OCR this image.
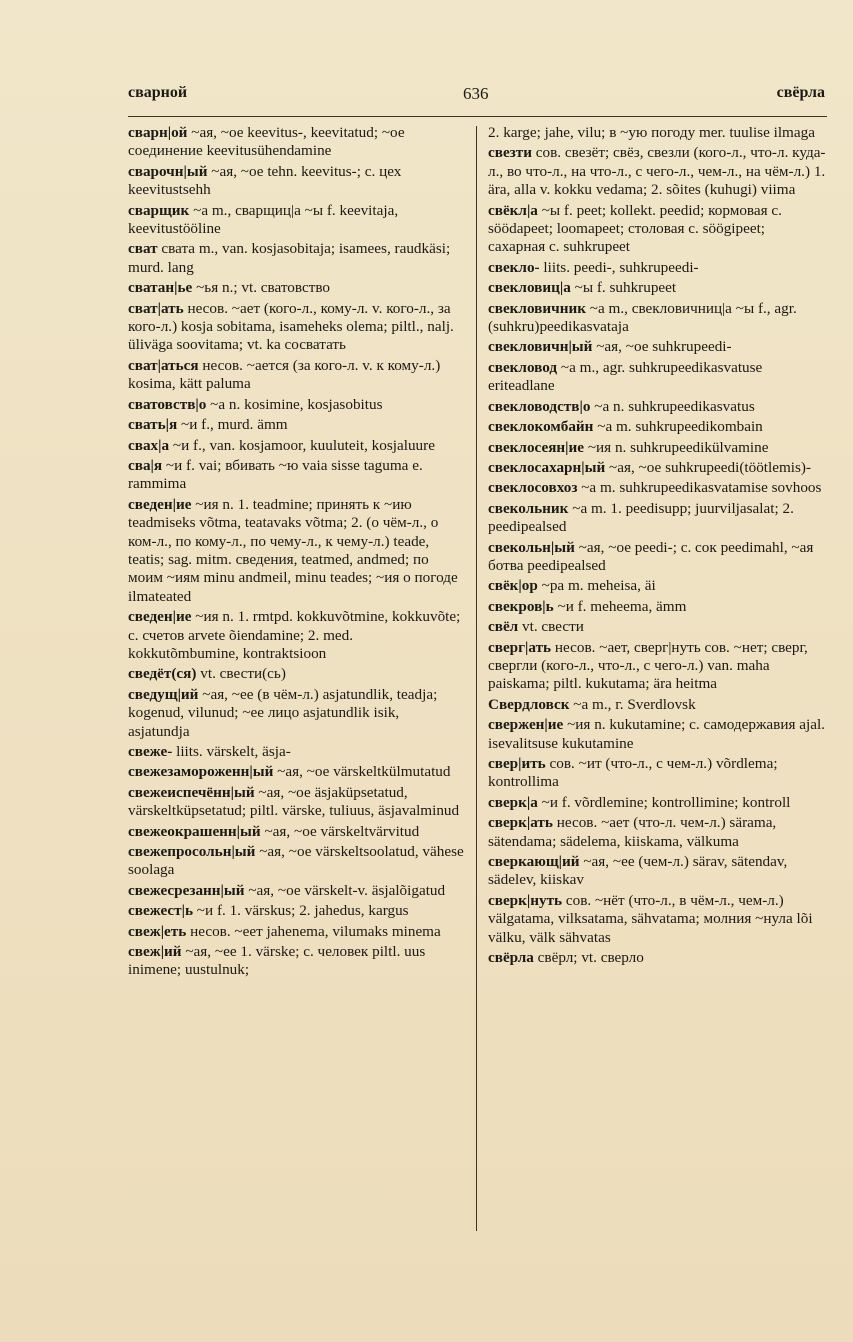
сварной	636	свёрла

сварн|ой ~ая, ~ое keevitus-, keevitatud; ~ое соединение keevitusühendamine

сварочн|ый ~ая, ~ое tehn. keevitus-; с. цех keevitustsehh

сварщик ~а m., сварщиц|а ~ы f. keevitaja, keevitustööline

сват свата m., van. kosjasobitaja; isamees, raudkäsi; murd. lang

сватан|ье ~ья n.; vt. сватовство

сват|ать несов. ~ает (кого-л., кому-л. v. кого-л., за кого-л.) kosja sobitama, isameheks olema; piltl., nalj. üliväga soovitama; vt. ka сосватать

сват|аться несов. ~ается (за кого-л. v. к кому-л.) kosima, kätt paluma

сватовств|о ~а n. kosimine, kosjasobitus

свать|я ~и f., murd. ämm

свах|а ~и f., van. kosjamoor, kuuluteit, kosjaluure

сва|я ~и f. vai; вбивать ~ю vaia sisse taguma e. rammima

сведен|ие ~ия n. 1. teadmine; принять к ~ию teadmiseks võtma, teatavaks võtma; 2. (о чём-л., о ком-л., по кому-л., по чему-л., к чему-л.) teade, teatis; sag. mitm. сведения, teatmed, andmed; по моим ~иям minu andmeil, minu teades; ~ия о погоде ilmateated

сведен|ие ~ия n. 1. rmtpd. kokkuvõtmine, kokkuvõte; с. счетов arvete õiendamine; 2. med. kokkutõmbumine, kontraktsioon

сведёт(ся) vt. свести(сь)

сведущ|ий ~ая, ~ее (в чём-л.) asjatundlik, teadja; kogenud, vilunud; ~ее лицо asjatundlik isik, asjatundja

свеже- liits. värskelt, äsja-

свежезамороженн|ый ~ая, ~ое värskeltkülmutatud

свежеиспечённ|ый ~ая, ~ое äsjaküpsetatud, värskeltküpsetatud; piltl. värske, tuliuus, äsjavalminud

свежеокрашенн|ый ~ая, ~ое värskeltvärvitud

свежепросольн|ый ~ая, ~ое värskeltsoolatud, vähese soolaga

свежесрезанн|ый ~ая, ~ое värskelt-v. äsjalõigatud

свежест|ь ~и f. 1. värskus; 2. jahedus, kargus

свеж|еть несов. ~еет jahenema, vilumaks minema

свеж|ий ~ая, ~ее 1. värske; с. человек piltl. uus inimene; uustulnuk;

2. karge; jahe, vilu; в ~ую погоду mer. tuulise ilmaga

свезти сов. свезёт; свёз, свезли (кого-л., что-л. куда-л., во что-л., на что-л., с чего-л., чем-л., на чём-л.) 1. ära, alla v. kokku vedama; 2. sõites (kuhugi) viima

свёкл|а ~ы f. peet; kollekt. peedid; кормовая с. söödapeet; loomapeet; столовая с. söögipeet; сахарная с. suhkrupeet

свекло- liits. peedi-, suhkrupeedi-

свекловиц|а ~ы f. suhkrupeet

свекловичник ~а m., свекловичниц|а ~ы f., agr. (suhkru)peedikasvataja

свекловичн|ый ~ая, ~ое suhkrupeedi-

свекловод ~а m., agr. suhkrupeedikasvatuse eriteadlane

свекловодств|о ~а n. suhkrupeedikasvatus

свеклокомбайн ~а m. suhkrupeedikombain

свеклосеян|ие ~ия n. suhkrupeedikülvamine

свеклосахарн|ый ~ая, ~ое suhkrupeedi(töötlemis)-

свеклосовхоз ~а m. suhkrupeedikasvatamise sovhoos

свекольник ~а m. 1. peedisupp; juurviljasalat; 2. peedipealsed

свекольн|ый ~ая, ~ое peedi-; с. сок peedimahl, ~ая ботва peedipealsed

свёк|ор ~ра m. meheisa, äi

свекров|ь ~и f. meheema, ämm

свёл vt. свести

сверг|ать несов. ~ает, сверг|нуть сов. ~нет; сверг, свергли (кого-л., что-л., с чего-л.) van. maha paiskama; piltl. kukutama; ära heitma

Свердловск ~а m., г. Sverdlovsk

свержен|ие ~ия n. kukutamine; с. самодержавия ajal. isevalitsuse kukutamine

свер|ить сов. ~ит (что-л., с чем-л.) võrdlema; kontrollima

сверк|а ~и f. võrdlemine; kontrollimine; kontroll

сверк|ать несов. ~ает (что-л. чем-л.) särama, sätendama; sädelema, kiiskama, välkuma

сверкающ|ий ~ая, ~ее (чем-л.) särav, sätendav, sädelev, kiiskav

сверк|нуть сов. ~нёт (что-л., в чём-л., чем-л.) välgatama, vilksatama, sähvatama; молния ~нула lõi välku, välk sähvatas

свёрла свёрл; vt. сверло
